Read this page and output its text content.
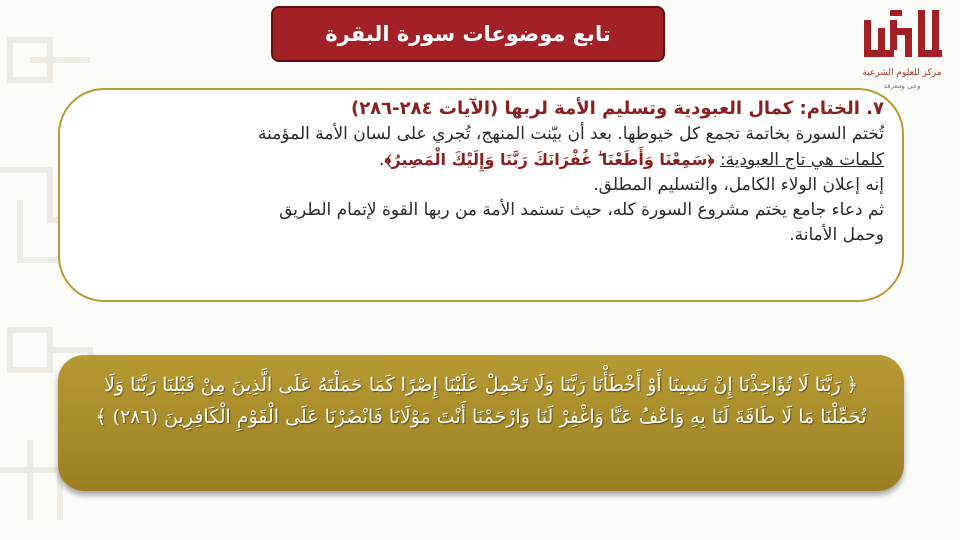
مركز للعلوم الشرعية
وعي ومعرفة
تابع موضوعات سورة البقرة

٧. الختام: كمال العبودية وتسليم الأمة لربها (الآيات ٢٨٤-٢٨٦)

تُختم السورة بخاتمة تجمع كل خيوطها. بعد أن بيّنت المنهج، تُجري على لسان الأمة المؤمنة

كلمات هي تاج العبودية: ﴿سَمِعْنَا وَأَطَعْنَا ۖ غُفْرَانَكَ رَبَّنَا وَإِلَيْكَ الْمَصِيرُ﴾.

إنه إعلان الولاء الكامل، والتسليم المطلق.

ثم دعاء جامع يختم مشروع السورة كله، حيث تستمد الأمة من ربها القوة لإتمام الطريق

وحمل الأمانة.

﴿ رَبَّنَا لَا تُؤَاخِذْنَا إِنْ نَسِينَا أَوْ أَخْطَأْنَا رَبَّنَا وَلَا تَحْمِلْ عَلَيْنَا إِصْرًا كَمَا حَمَلْتَهُ عَلَى الَّذِينَ مِنْ قَبْلِنَا رَبَّنَا وَلَا تُحَمِّلْنَا مَا لَا طَاقَةَ لَنَا بِهِ وَاعْفُ عَنَّا وَاغْفِرْ لَنَا وَارْحَمْنَا أَنْتَ مَوْلَانَا فَانْصُرْنَا عَلَى الْقَوْمِ الْكَافِرِينَ (٢٨٦) ﴾
